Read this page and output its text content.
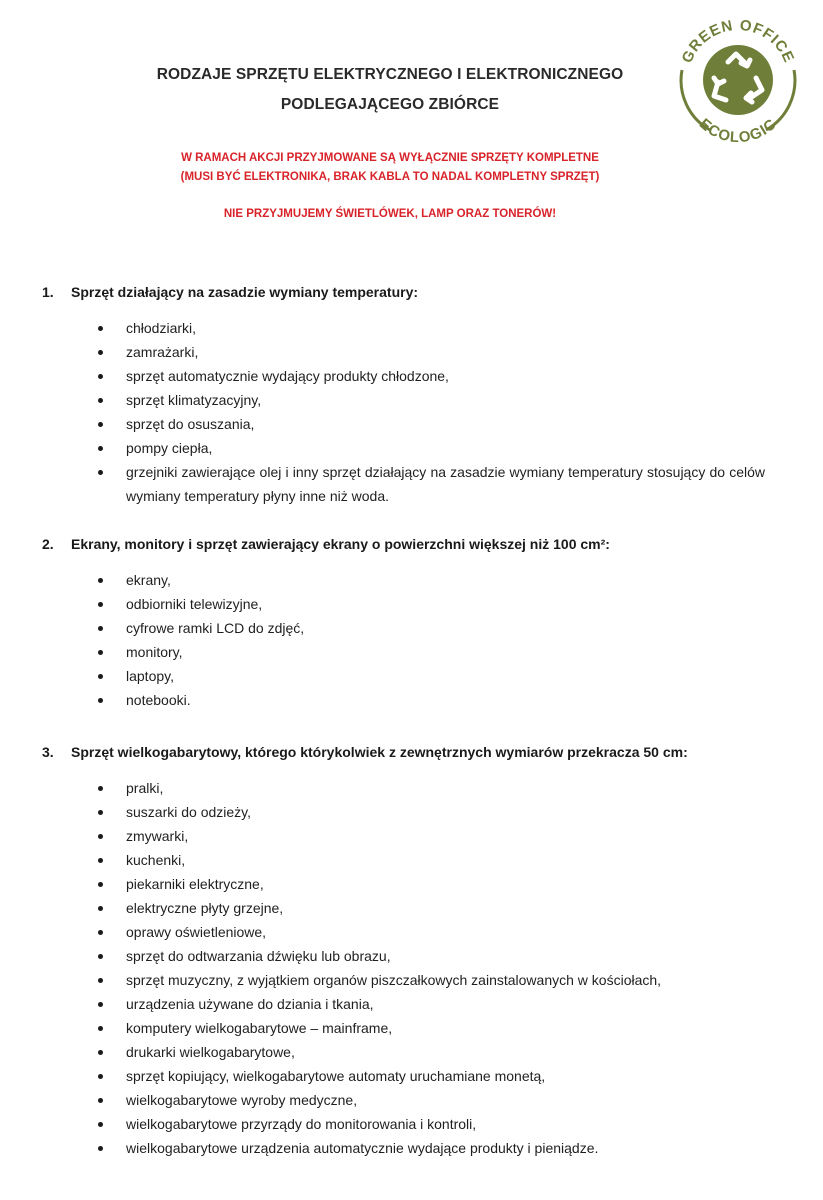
GREEN OFFICE
ECOLOGIC
RODZAJE SPRZĘTU ELEKTRYCZNEGO I ELEKTRONICZNEGO
PODLEGAJĄCEGO ZBIÓRCE
W RAMACH AKCJI PRZYJMOWANE SĄ WYŁĄCZNIE SPRZĘTY KOMPLETNE
(MUSI BYĆ ELEKTRONIKA, BRAK KABLA TO NADAL KOMPLETNY SPRZĘT)
NIE PRZYJMUJEMY ŚWIETLÓWEK, LAMP ORAZ TONERÓW!
1. Sprzęt działający na zasadzie wymiany temperatury:
chłodziarki,
zamrażarki,
sprzęt automatycznie wydający produkty chłodzone,
sprzęt klimatyzacyjny,
sprzęt do osuszania,
pompy ciepła,
grzejniki zawierające olej i inny sprzęt działający na zasadzie wymiany temperatury stosujący do celów wymiany temperatury płyny inne niż woda.
2. Ekrany, monitory i sprzęt zawierający ekrany o powierzchni większej niż 100 cm²:
ekrany,
odbiorniki telewizyjne,
cyfrowe ramki LCD do zdjęć,
monitory,
laptopy,
notebooki.
3. Sprzęt wielkogabarytowy, którego którykolwiek z zewnętrznych wymiarów przekracza 50 cm:
pralki,
suszarki do odzieży,
zmywarki,
kuchenki,
piekarniki elektryczne,
elektryczne płyty grzejne,
oprawy oświetleniowe,
sprzęt do odtwarzania dźwięku lub obrazu,
sprzęt muzyczny, z wyjątkiem organów piszczałkowych zainstalowanych w kościołach,
urządzenia używane do dziania i tkania,
komputery wielkogabarytowe – mainframe,
drukarki wielkogabarytowe,
sprzęt kopiujący, wielkogabarytowe automaty uruchamiane monetą,
wielkogabarytowe wyroby medyczne,
wielkogabarytowe przyrządy do monitorowania i kontroli,
wielkogabarytowe urządzenia automatycznie wydające produkty i pieniądze.
